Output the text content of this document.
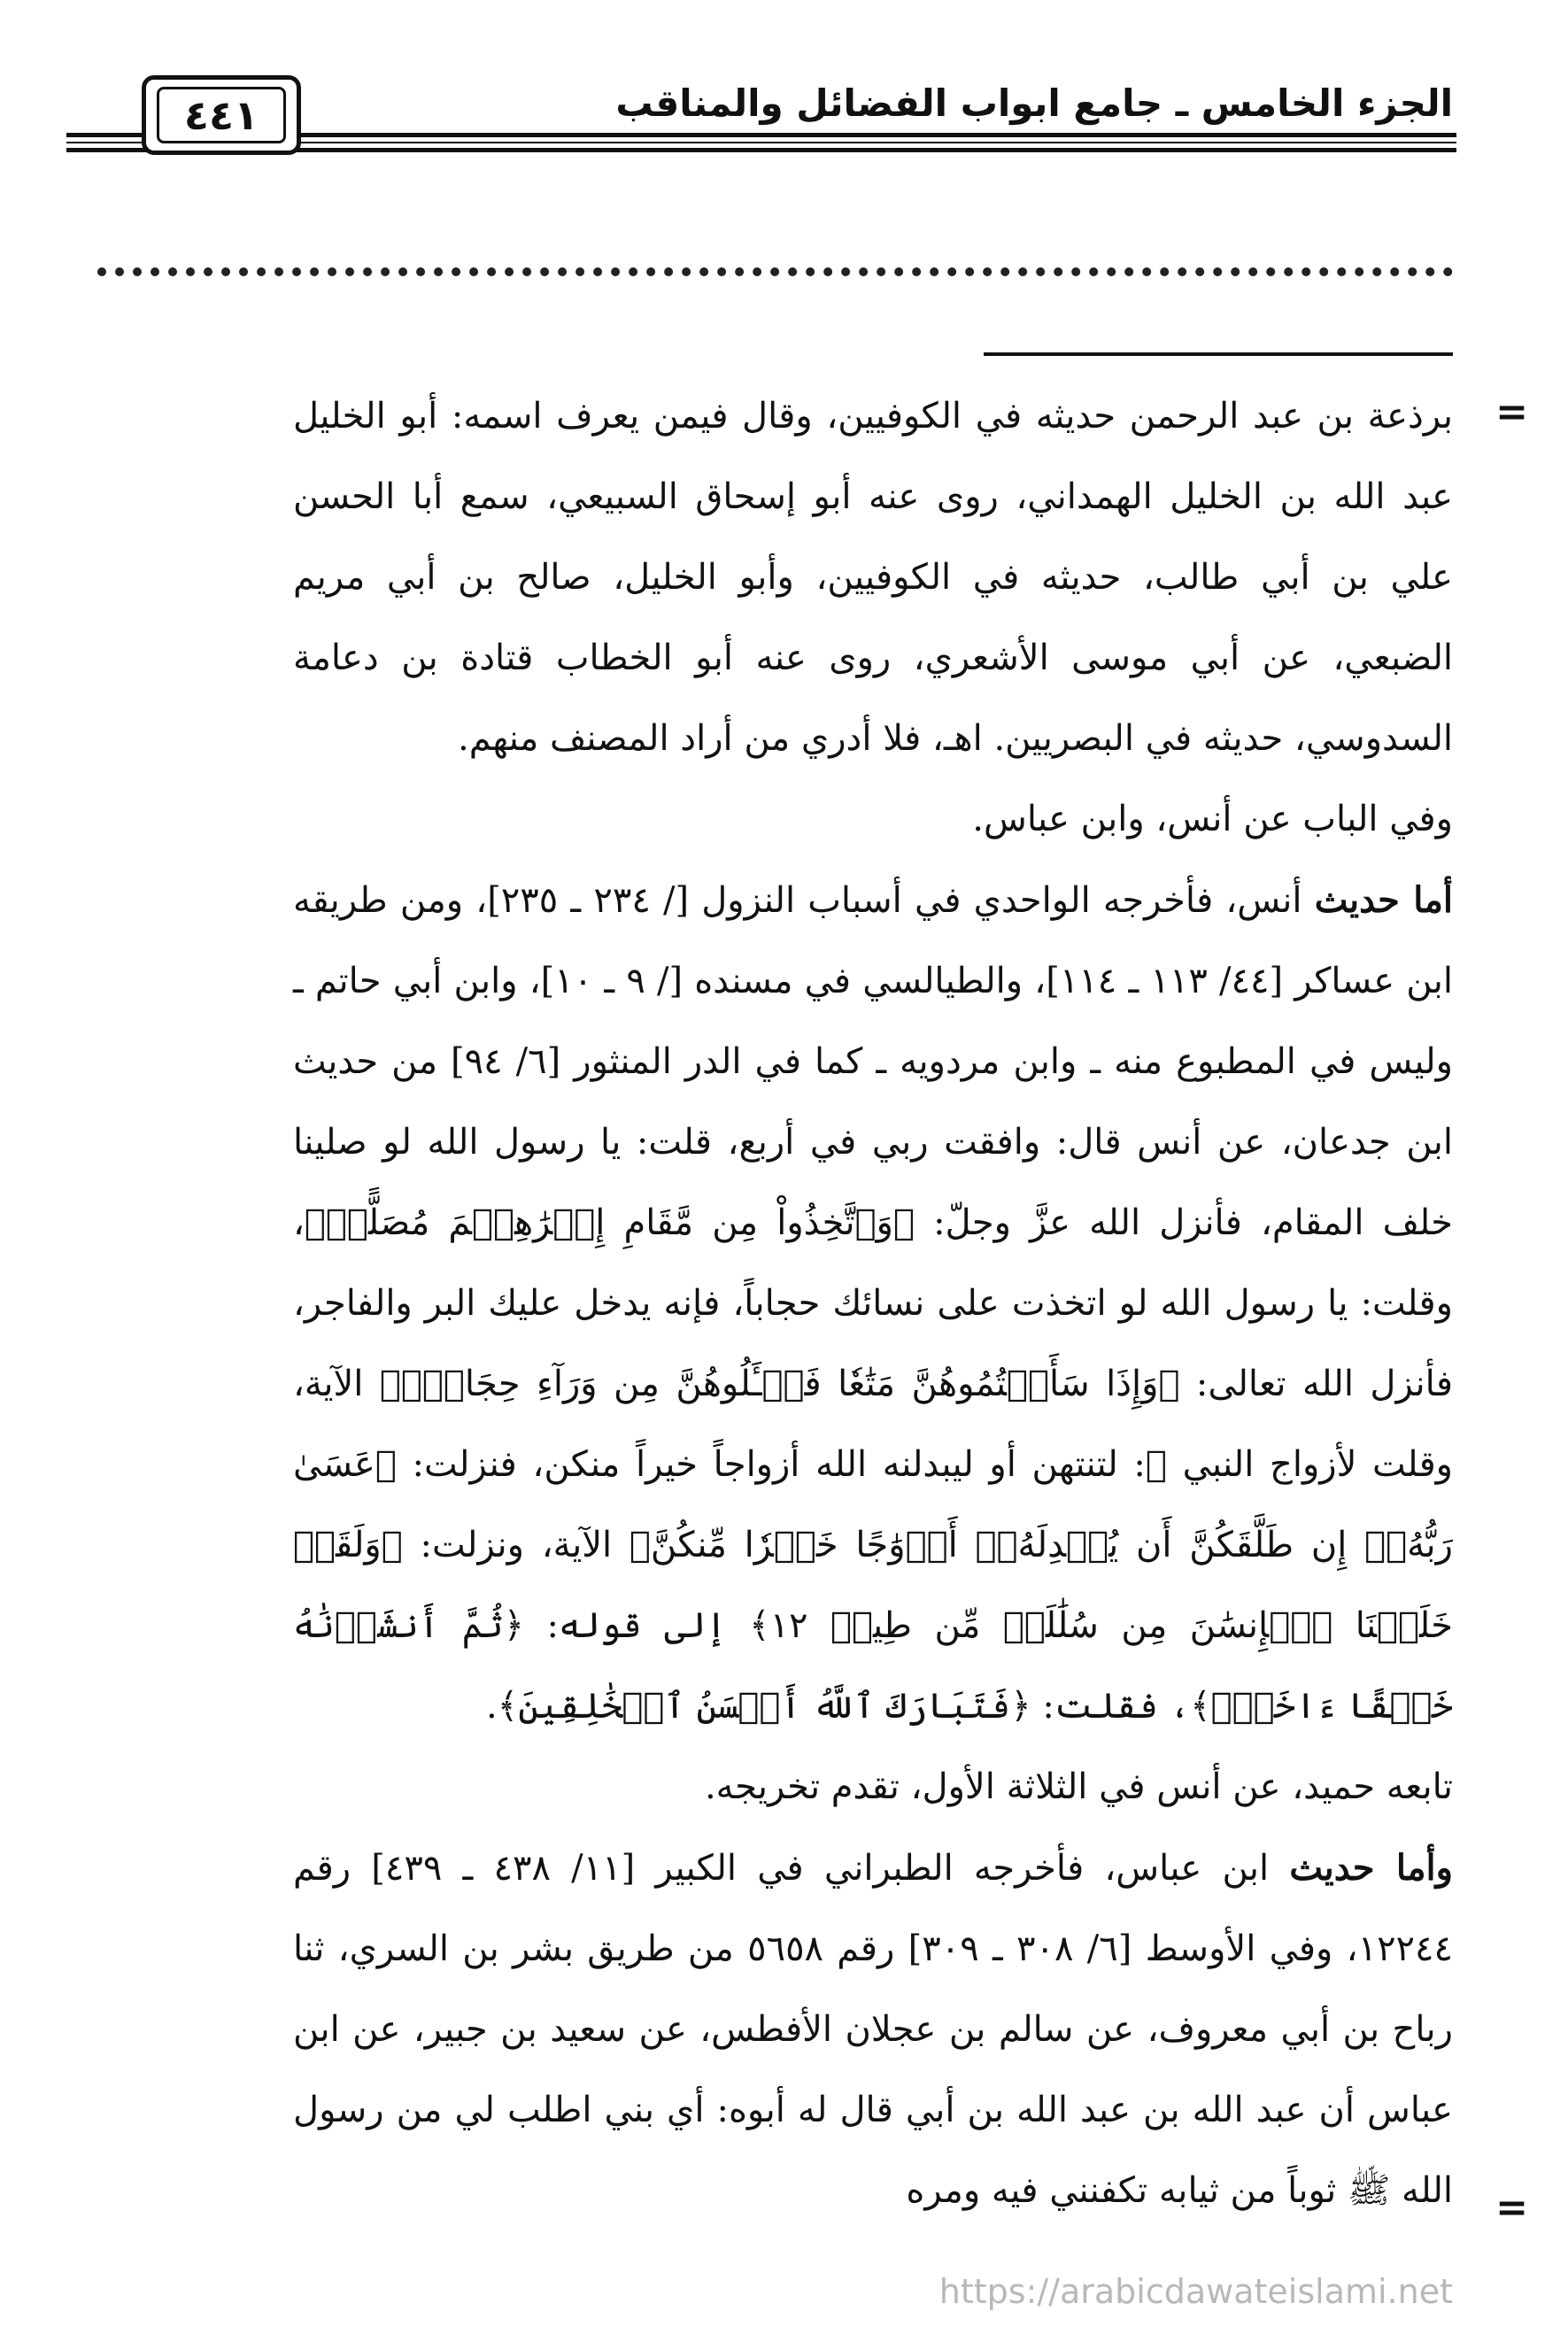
٤٤١	الجزء الخامس ـ جامع ابواب الفضائل والمناقب
=
=

برذعة بن عبد الرحمن حديثه في الكوفيين، وقال فيمن يعرف اسمه: أبو الخليل عبد الله بن الخليل الهمداني، روى عنه أبو إسحاق السبيعي، سمع أبا الحسن علي بن أبي طالب، حديثه في الكوفيين، وأبو الخليل، صالح بن أبي مريم الضبعي، عن أبي موسى الأشعري، روى عنه أبو الخطاب قتادة بن دعامة السدوسي، حديثه في البصريين. اهـ، فلا أدري من أراد المصنف منهم.

وفي الباب عن أنس، وابن عباس.

أما حديث أنس، فأخرجه الواحدي في أسباب النزول [/ ٢٣٤ ـ ٢٣٥]، ومن طريقه ابن عساكر [٤٤/ ١١٣ ـ ١١٤]، والطيالسي في مسنده [/ ٩ ـ ١٠]، وابن أبي حاتم ـ وليس في المطبوع منه ـ وابن مردويه ـ كما في الدر المنثور [٦/ ٩٤] من حديث ابن جدعان، عن أنس قال: وافقت ربي في أربع، قلت: يا رسول الله لو صلينا خلف المقام، فأنزل الله عزَّ وجلّ: ﴿وَٱتَّخِذُواْ مِن مَّقَامِ إِبۡرَٰهِـۧمَ مُصَلًّىۖ﴾، وقلت: يا رسول الله لو اتخذت على نسائك حجاباً، فإنه يدخل عليك البر والفاجر، فأنزل الله تعالى: ﴿وَإِذَا سَأَلۡتُمُوهُنَّ مَتَٰعٗا فَسۡـَٔلُوهُنَّ مِن وَرَآءِ حِجَابٖۚ﴾ الآية، وقلت لأزواج النبي ﷺ: لتنتهن أو ليبدلنه الله أزواجاً خيراً منكن، فنزلت: ﴿عَسَىٰ رَبُّهُۥٓ إِن طَلَّقَكُنَّ أَن يُبۡدِلَهُۥٓ أَزۡوَٰجًا خَيۡرٗا مِّنكُنَّ﴾ الآية، ونزلت: ﴿وَلَقَدۡ خَلَقۡنَا ٱلۡإِنسَٰنَ مِن سُلَٰلَةٖ مِّن طِينٖ ١٢﴾ إلى قوله: ﴿ثُمَّ أَنشَأۡنَٰهُ خَلۡقًا ءَاخَرَۚ﴾، فقلت: ﴿فَتَبَارَكَ ٱللَّهُ أَحۡسَنُ ٱلۡخَٰلِقِينَ﴾.

تابعه حميد، عن أنس في الثلاثة الأول، تقدم تخريجه.

وأما حديث ابن عباس، فأخرجه الطبراني في الكبير [١١/ ٤٣٨ ـ ٤٣٩] رقم ١٢٢٤٤، وفي الأوسط [٦/ ٣٠٨ ـ ٣٠٩] رقم ٥٦٥٨ من طريق بشر بن السري، ثنا رباح بن أبي معروف، عن سالم بن عجلان الأفطس، عن سعيد بن جبير، عن ابن عباس أن عبد الله بن عبد الله بن أبي قال له أبوه: أي بني اطلب لي من رسول الله ﷺ ثوباً من ثيابه تكفنني فيه ومره

https://arabicdawateislami.net
